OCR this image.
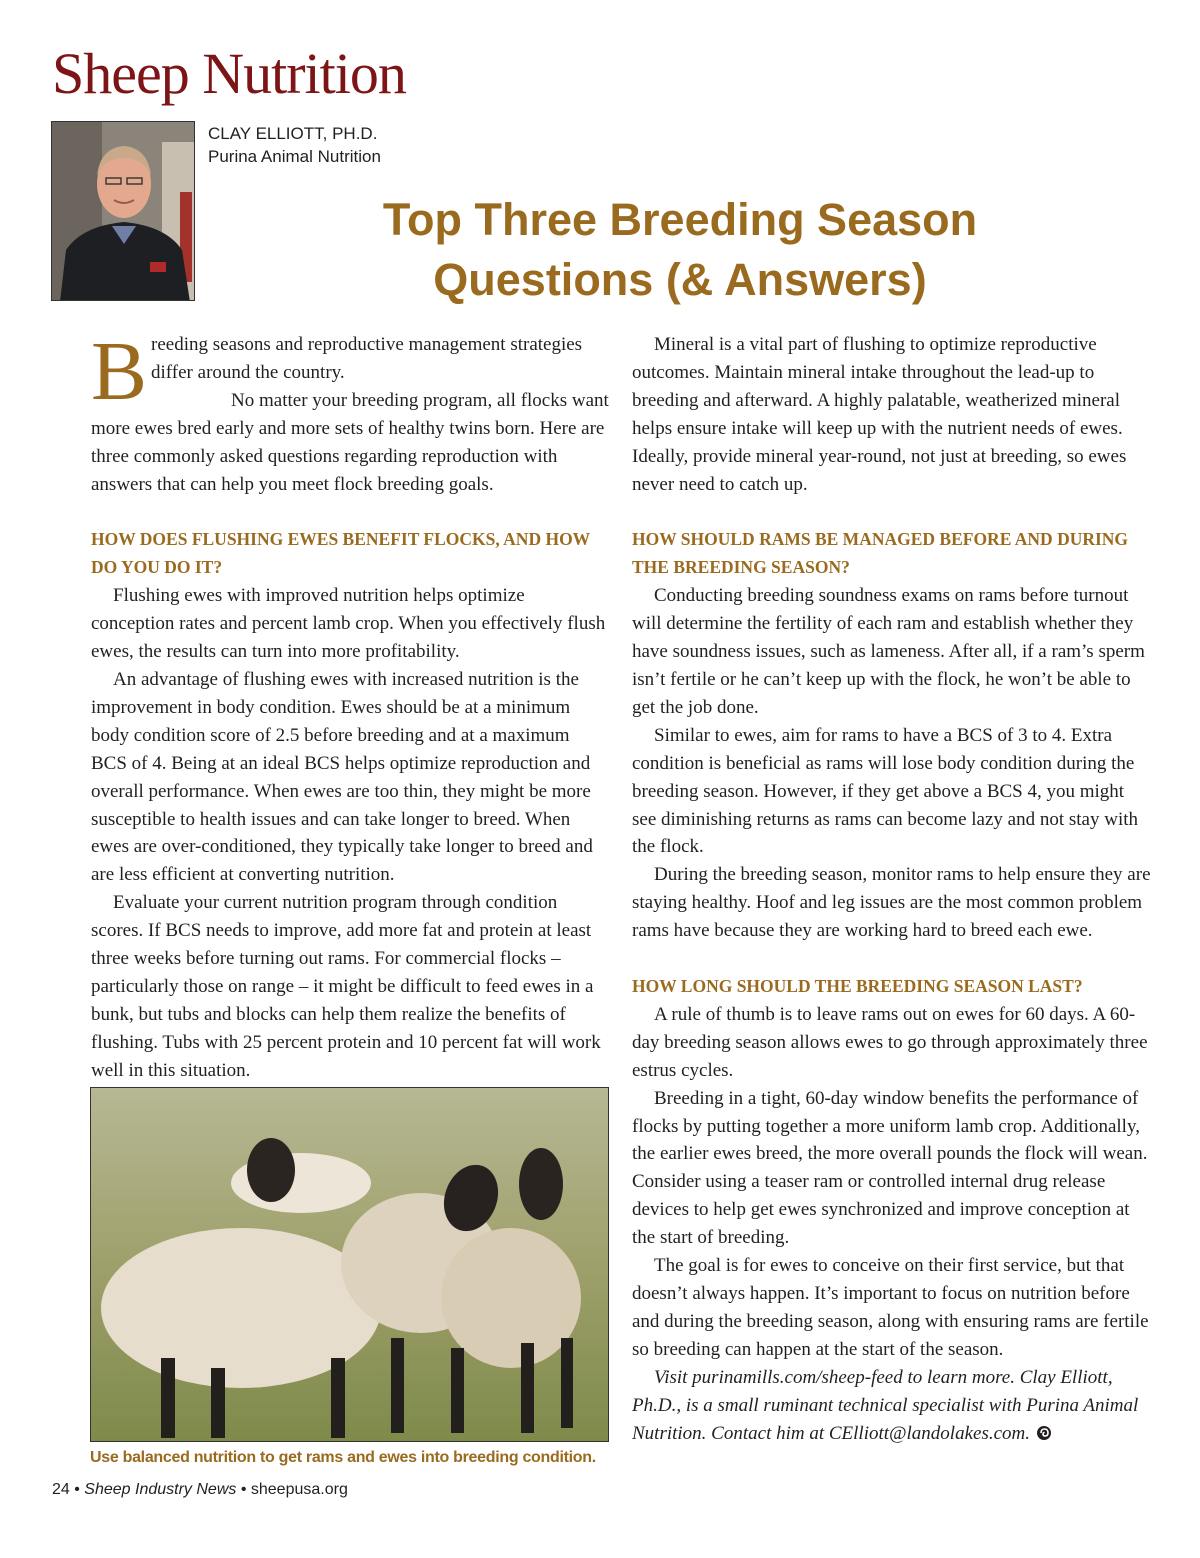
Sheep Nutrition
CLAY ELLIOTT, PH.D.
Purina Animal Nutrition
Top Three Breeding Season
Questions (& Answers)

Breeding seasons and reproductive management strategies differ around the country.

No matter your breeding program, all flocks want more ewes bred early and more sets of healthy twins born. Here are three commonly asked questions regarding reproduction with answers that can help you meet flock breeding goals.

HOW DOES FLUSHING EWES BENEFIT FLOCKS, AND HOW DO YOU DO IT?

Flushing ewes with improved nutrition helps optimize conception rates and percent lamb crop. When you effectively flush ewes, the results can turn into more profitability.

An advantage of flushing ewes with increased nutrition is the improvement in body condition. Ewes should be at a minimum body condition score of 2.5 before breeding and at a maximum BCS of 4. Being at an ideal BCS helps optimize reproduction and overall performance. When ewes are too thin, they might be more susceptible to health issues and can take longer to breed. When ewes are over-conditioned, they typically take longer to breed and are less efficient at converting nutrition.

Evaluate your current nutrition program through condition scores. If BCS needs to improve, add more fat and protein at least three weeks before turning out rams. For commercial flocks – particularly those on range – it might be difficult to feed ewes in a bunk, but tubs and blocks can help them realize the benefits of flushing. Tubs with 25 percent protein and 10 percent fat will work well in this situation.

Mineral is a vital part of flushing to optimize reproductive outcomes. Maintain mineral intake throughout the lead-up to breeding and afterward. A highly palatable, weatherized mineral helps ensure intake will keep up with the nutrient needs of ewes. Ideally, provide mineral year-round, not just at breeding, so ewes never need to catch up.

HOW SHOULD RAMS BE MANAGED BEFORE AND DURING THE BREEDING SEASON?

Conducting breeding soundness exams on rams before turnout will determine the fertility of each ram and establish whether they have soundness issues, such as lameness. After all, if a ram’s sperm isn’t fertile or he can’t keep up with the flock, he won’t be able to get the job done.

Similar to ewes, aim for rams to have a BCS of 3 to 4. Extra condition is beneficial as rams will lose body condition during the breeding season. However, if they get above a BCS 4, you might see diminishing returns as rams can become lazy and not stay with the flock.

During the breeding season, monitor rams to help ensure they are staying healthy. Hoof and leg issues are the most common problem rams have because they are working hard to breed each ewe.

HOW LONG SHOULD THE BREEDING SEASON LAST?

A rule of thumb is to leave rams out on ewes for 60 days. A 60-day breeding season allows ewes to go through approximately three estrus cycles.

Breeding in a tight, 60-day window benefits the performance of flocks by putting together a more uniform lamb crop. Additionally, the earlier ewes breed, the more overall pounds the flock will wean. Consider using a teaser ram or controlled internal drug release devices to help get ewes synchronized and improve conception at the start of breeding.

The goal is for ewes to conceive on their first service, but that doesn’t always happen. It’s important to focus on nutrition before and during the breeding season, along with ensuring rams are fertile so breeding can happen at the start of the season.

Visit purinamills.com/sheep-feed to learn more. Clay Elliott, Ph.D., is a small ruminant technical specialist with Purina Animal Nutrition. Contact him at CElliott@landolakes.com.

Use balanced nutrition to get rams and ewes into breeding condition.

24 • Sheep Industry News • sheepusa.org
